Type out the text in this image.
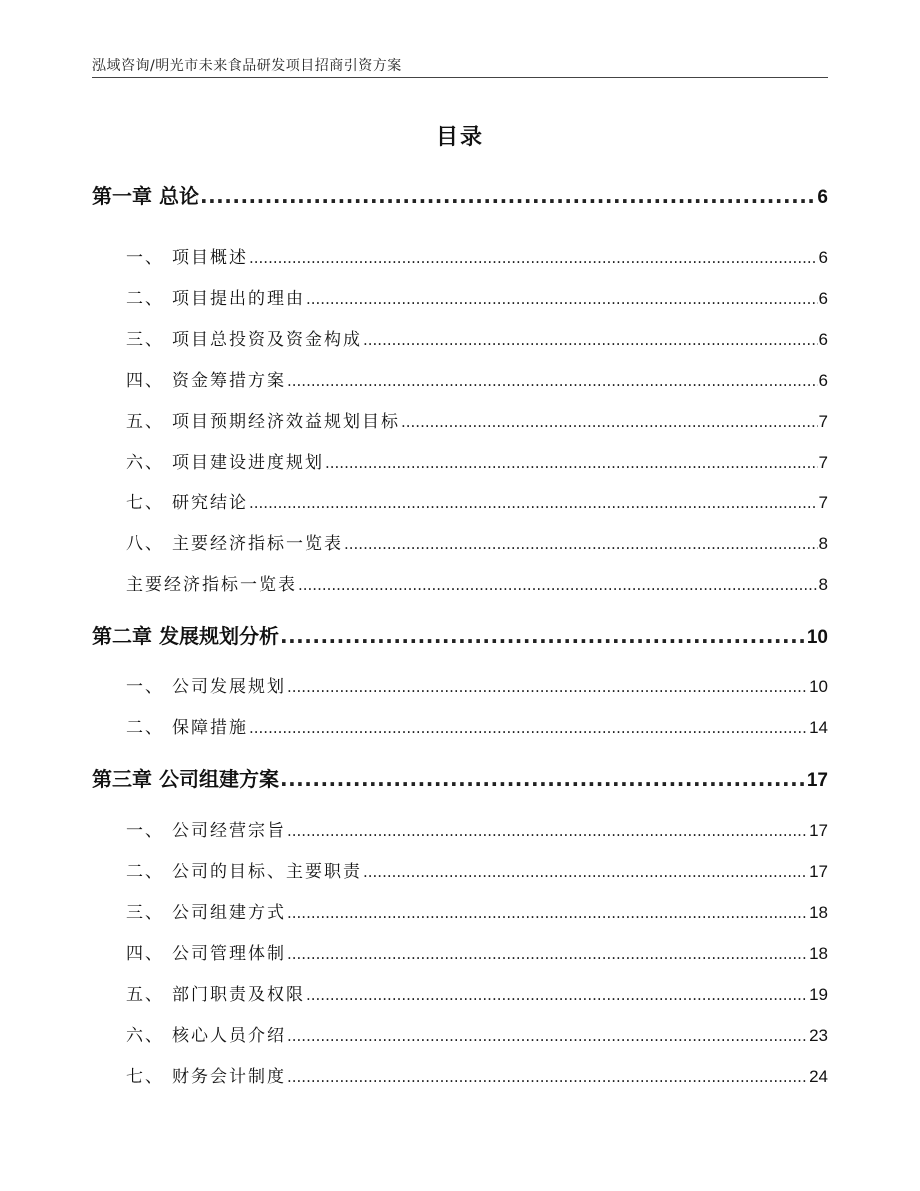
泓域咨询/明光市未来食品研发项目招商引资方案
目录
第一章 总论 .....	6
一、 项目概述 .....	6
二、 项目提出的理由 .....	6
三、 项目总投资及资金构成 .....	6
四、 资金筹措方案 .....	6
五、 项目预期经济效益规划目标 .....	7
六、 项目建设进度规划 .....	7
七、 研究结论 .....	7
八、 主要经济指标一览表 .....	8
主要经济指标一览表 .....	8
第二章 发展规划分析 .....	10
一、 公司发展规划 .....	10
二、 保障措施 .....	14
第三章 公司组建方案 .....	17
一、 公司经营宗旨 .....	17
二、 公司的目标、主要职责 .....	17
三、 公司组建方式 .....	18
四、 公司管理体制 .....	18
五、 部门职责及权限 .....	19
六、 核心人员介绍 .....	23
七、 财务会计制度 .....	24
